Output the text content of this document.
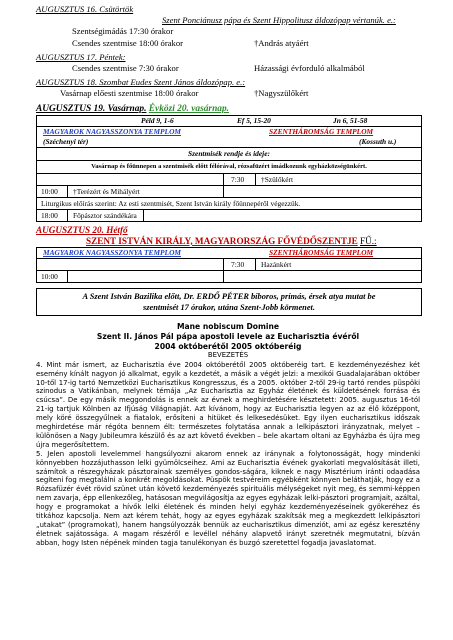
AUGUSZTUS 16. Csütörtök
Szent Ponciánusz pápa és Szent Hippolitusz áldozópap vértanúk. e.:
Szentségimádás 17:30 órakor
Csendes szentmise 18:00 órakor	†András atyáért
AUGUSZTUS 17. Péntek:
Csendes szentmise 7:30 órakor	Házassági évforduló alkalmából
AUGUSZTUS 18. Szombat Eudes Szent János áldozópap. e.:
Vasárnap előesti szentmise 18:00 órakor	†Nagyszülőkért
AUGUSZTUS 19. Vasárnap. Évközi 20. vasárnap.
Péld 9, 1-6	Ef 5, 15-20	Jn 6, 51-58
MAGYAROK NAGYASSZONYA TEMPLOM	SZENTHÁROMSÁG TEMPLOM
(Széchenyi tér)	(Kossuth u.)
Szentmisék rendje és ideje:
Vasárnap és főünnepen a szentmisék előtt félórával, rózsafüzért imádkozunk egyházközségünkért.
7:30 †Szülőkért
10:00 †Terézért és Mihályért
Liturgikus előírás szerint: Az esti szentmisét, Szent István király főünnepéről végezzük.
18:00 Főpásztor szándékára
AUGUSZTUS 20. Hétfő
SZENT ISTVÁN KIRÁLY, MAGYARORSZÁG FŐVÉDŐSZENTJE FŰ.:
MAGYAROK NAGYASSZONYA TEMPLOM	SZENTHÁROMSÁG TEMPLOM
7:30 Hazánkért
10:00
A Szent István Bazilika előtt, Dr. ERDŐ PÉTER bíboros, prímás, érsek atya mutat be
szentmisét 17 órakor, utána Szent-Jobb körmenet.
Mane nobiscum Domine
Szent II. János Pál pápa apostoli levele az Eucharisztia évéről
2004 októberétől 2005 októberéig
BEVEZETÉS

4. Mint már ismert, az Eucharisztia éve 2004 októberétől 2005 októberéig tart. E kezdeményezéshez két esemény kínált nagyon jó alkalmat, egyik a kezdetét, a másik a végét jelzi: a mexikói Guadalajarában október 10-től 17-ig tartó Nemzetközi Eucharisztikus Kongresszus, és a 2005. október 2-től 29-ig tartó rendes püspöki szinodus a Vatikánban, melynek témája „Az Eucharisztia az Egyház életének és küldetésének forrása és csúcsa”. De egy másik meggondolás is ennek az évnek a meghirdetésére késztetett: 2005. augusztus 16-tól 21-ig tartjuk Kölnben az Ifjúság Világnapját. Azt kívánom, hogy az Eucharisztia legyen az az élő középpont, mely köré összegyűlnek a fiatalok, erősíteni a hitüket és lelkesedésüket. Egy ilyen eucharisztikus időszak meghirdetése már régóta bennem élt: természetes folytatása annak a lelkipásztori irányzatnak, melyet – különösen a Nagy Jubileumra készülő és az azt követő években – bele akartam oltani az Egyházba és újra meg újra megerősítettem.

5. Jelen apostoli levelemmel hangsúlyozni akarom ennek az iránynak a folytonosságát, hogy mindenki könnyebben hozzájuthasson lelki gyümölcseihez. Ami az Eucharisztia évének gyakorlati megvalósítását illeti, számítok a részegyházak pásztorainak személyes gondos-ságára, kiknek e nagy Misztérium iránti odaadása segíteni fog megtalálni a konkrét megoldásokat. Püspök testvéreim egyébként könnyen beláthatják, hogy ez a Rózsafüzér évét rövid szünet után követő kezdeményezés spirituális mélységeket nyit meg, és semmi-képpen nem zavarja, épp ellenkezőleg, hatásosan megvilágosítja az egyes egyházak lelki-pásztori programjait, azáltal, hogy e programokat a hívők lelki életének és minden helyi egyház kezdeményezéseinek gyökeréhez és titkához kapcsolja. Nem azt kérem tehát, hogy az egyes egyházak szakítsák meg a megkezdett lelkipásztori „utakat” (programokat), hanem hangsúlyozzák bennük az eucharisztikus dimenziót, ami az egész keresztény életnek sajátossága. A magam részéről e levéllel néhány alapvető irányt szeretnék megmutatni, bízván abban, hogy Isten népének minden tagja tanulékonyan és buzgó szeretettel fogadja javaslatomat.
